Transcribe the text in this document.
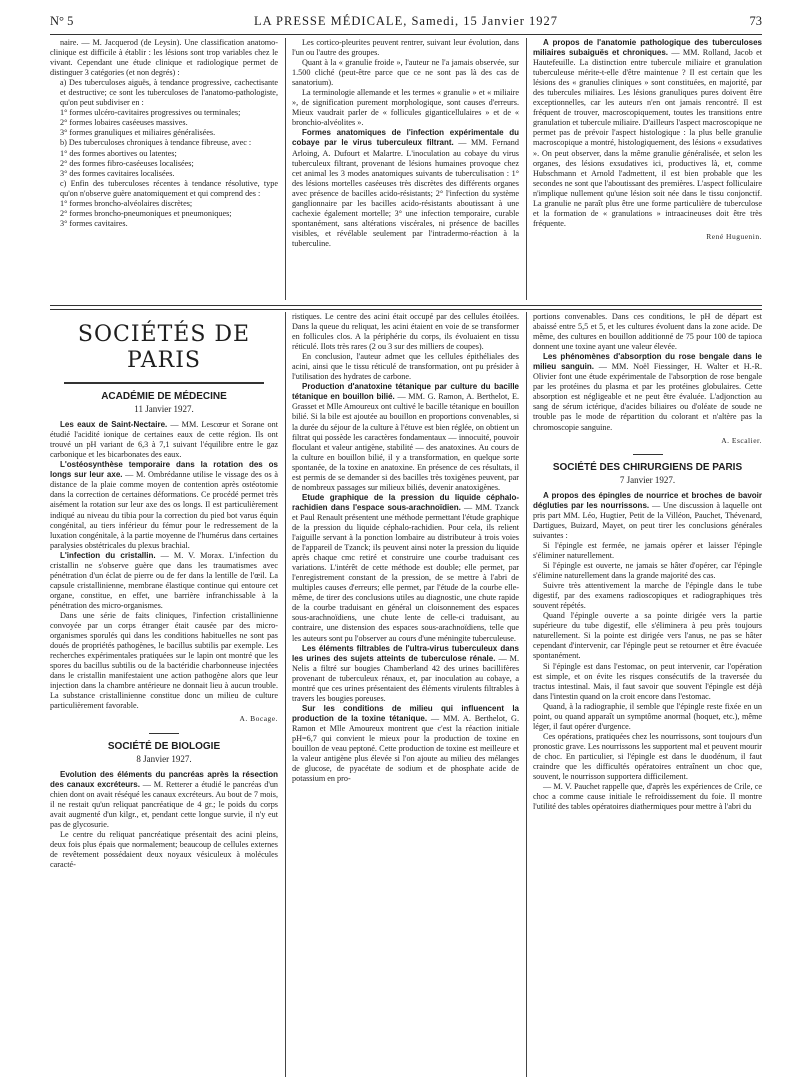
LA PRESSE MÉDICALE, Samedi, 15 Janvier 1927
N° 5	73

naire. — M. Jacquerod (de Leysin). Une classification anatomo-clinique est difficile à établir : les lésions sont trop variables chez le vivant. Cependant une étude clinique et radiologique permet de distinguer 3 catégories (et non degrés) :

a) Des tuberculoses aiguës, à tendance progressive, cachectisante et destructive; ce sont les tuberculoses de l'anatomo-pathologiste, qu'on peut subdiviser en :

1° formes ulcéro-cavitaires progressives ou terminales;

2° formes lobaires caséeuses massives.

3° formes granuliques et miliaires généralisées.

b) Des tuberculoses chroniques à tendance fibreuse, avec :

1° des formes abortives ou latentes;

2° des formes fibro-caséeuses localisées;

3° des formes cavitaires localisées.

c) Enfin des tuberculoses récentes à tendance résolutive, type qu'on n'observe guère anatomiquement et qui comprend des :

1° formes broncho-alvéolaires discrètes;

2° formes broncho-pneumoniques et pneumoniques;

3° formes cavitaires.

Les cortico-pleurites peuvent rentrer, suivant leur évolution, dans l'un ou l'autre des groupes.

Quant à la « granulie froide », l'auteur ne l'a jamais observée, sur 1.500 cliché (peut-être parce que ce ne sont pas là des cas de sanatorium).

La terminologie allemande et les termes « granulie » et « miliaire », de signification purement morphologique, sont causes d'erreurs. Mieux vaudrait parler de « follicules giganticellulaires » et de « bronchio-alvéolites ».

Formes anatomiques de l'infection expérimentale du cobaye par le virus tuberculeux filtrant. — MM. Fernand Arloing, A. Dufourt et Malartre. L'inoculation au cobaye du virus tuberculeux filtrant, provenant de lésions humaines provoque chez cet animal les 3 modes anatomiques suivants de tuberculisation : 1° des lésions mortelles caséeuses très discrètes des différents organes avec présence de bacilles acido-résistants; 2° l'infection du système ganglionnaire par les bacilles acido-résistants aboutissant à une cachexie également mortelle; 3° une infection temporaire, curable spontanément, sans altérations viscérales, ni présence de bacilles visibles, et révélable seulement par l'intradermo-réaction à la tuberculine.

A propos de l'anatomie pathologique des tuberculoses miliaires subaiguës et chroniques. — MM. Rolland, Jacob et Hautefeuille. La distinction entre tubercule miliaire et granulation tuberculeuse mérite-t-elle d'être maintenue ? Il est certain que les lésions des « granulies cliniques » sont constituées, en majorité, par des tubercules miliaires. Les lésions granuliques pures doivent être exceptionnelles, car les auteurs n'en ont jamais rencontré. Il est fréquent de trouver, macroscopiquement, toutes les transitions entre granulation et tubercule miliaire. D'ailleurs l'aspect macroscopique ne permet pas de prévoir l'aspect histologique : la plus belle granulie macroscopique a montré, histologiquement, des lésions « exsudatives ». On peut observer, dans la même granulie généralisée, et selon les organes, des lésions exsudatives ici, productives là, et, comme Hubschmann et Arnold l'admettent, il est bien probable que les secondes ne sont que l'aboutissant des premières. L'aspect folliculaire n'implique nullement qu'une lésion soit née dans le tissu conjonctif. La granulie ne paraît plus être une forme particulière de tuberculose et la formation de « granulations » intraacineuses doit être très fréquente.

René Huguenin.
SOCIÉTÉS DE PARIS
ACADÉMIE DE MÉDECINE
11 Janvier 1927.

Les eaux de Saint-Nectaire. — MM. Lescœur et Sorane ont étudié l'acidité ionique de certaines eaux de cette région. Ils ont trouvé un pH variant de 6,3 à 7,1 suivant l'équilibre entre le gaz carbonique et les bicarbonates des eaux.

L'ostéosynthèse temporaire dans la rotation des os longs sur leur axe. — M. Ombrédanne utilise le vissage des os à distance de la plaie comme moyen de contention après ostéotomie dans la correction de certaines déformations. Ce procédé permet très aisément la rotation sur leur axe des os longs. Il est particulièrement indiqué au niveau du tibia pour la correction du pied bot varus équin congénital, au tiers inférieur du fémur pour le redressement de la luxation congénitale, à la partie moyenne de l'humérus dans certaines paralysies obstétricales du plexus brachial.

L'infection du cristallin. — M. V. Morax. L'infection du cristallin ne s'observe guère que dans les traumatismes avec pénétration d'un éclat de pierre ou de fer dans la lentille de l'œil. La capsule cristallinienne, membrane élastique continue qui entoure cet organe, constitue, en effet, une barrière infranchissable à la pénétration des micro-organismes.

Dans une série de faits cliniques, l'infection cristallinienne convoyée par un corps étranger était causée par des micro-organismes sporulés qui dans les conditions habituelles ne sont pas doués de propriétés pathogènes, le bacillus subtilis par exemple. Les recherches expérimentales pratiquées sur le lapin ont montré que les spores du bacillus subtilis ou de la bactéridie charbonneuse injectées dans le cristallin manifestaient une action pathogène alors que leur injection dans la chambre antérieure ne donnait lieu à aucun trouble. La substance cristallinienne constitue donc un milieu de culture particulièrement favorable.

A. Bocage.
SOCIÉTÉ DE BIOLOGIE
8 Janvier 1927.

Evolution des éléments du pancréas après la résection des canaux excréteurs. — M. Retterer a étudié le pancréas d'un chien dont on avait réséqué les canaux excréteurs. Au bout de 7 mois, il ne restait qu'un reliquat pancréatique de 4 gr.; le poids du corps avait augmenté d'un kilgr., et, pendant cette longue survie, il n'y eut pas de glycosurie.

Le centre du reliquat pancréatique présentait des acini pleins, deux fois plus épais que normalement; beaucoup de cellules externes de revêtement possédaient deux noyaux vésiculeux à molécules caracté-

ristiques. Le centre des acini était occupé par des cellules étoilées. Dans la queue du reliquat, les acini étaient en voie de se transformer en follicules clos. A la périphérie du corps, ils évoluaient en tissu réticulé. Ilots très rares (2 ou 3 sur des milliers de coupes).

En conclusion, l'auteur admet que les cellules épithéliales des acini, ainsi que le tissu réticulé de transformation, ont pu présider à l'utilisation des hydrates de carbone.

Production d'anatoxine tétanique par culture du bacille tétanique en bouillon bilié. — MM. G. Ramon, A. Berthelot, E. Grasset et Mlle Amoureux ont cultivé le bacille tétanique en bouillon bilié. Si la bile est ajoutée au bouillon en proportions convenables, si la durée du séjour de la culture à l'étuve est bien réglée, on obtient un filtrat qui possède les caractères fondamentaux — innocuité, pouvoir floculant et valeur antigène, stabilité — des anatoxines. Au cours de la culture en bouillon bilié, il y a transformation, en quelque sorte spontanée, de la toxine en anatoxine. En présence de ces résultats, il est permis de se demander si des bacilles très toxigènes peuvent, par de nombreux passages sur milieux biliés, devenir anatoxigènes.

Etude graphique de la pression du liquide céphalo-rachidien dans l'espace sous-arachnoïdien. — MM. Tzanck et Paul Renault présentent une méthode permettant l'étude graphique de la pression du liquide céphalo-rachidien. Pour cela, ils relient l'aiguille servant à la ponction lombaire au distributeur à trois voies de l'appareil de Tzanck; ils peuvent ainsi noter la pression du liquide après chaque cmc retiré et construire une courbe traduisant ces variations. L'intérêt de cette méthode est double; elle permet, par l'enregistrement constant de la pression, de se mettre à l'abri de multiples causes d'erreurs; elle permet, par l'étude de la courbe elle-même, de tirer des conclusions utiles au diagnostic, une chute rapide de la courbe traduisant en général un cloisonnement des espaces sous-arachnoïdiens, une chute lente de celle-ci traduisant, au contraire, une distension des espaces sous-arachnoïdiens, telle que les auteurs sont pu l'observer au cours d'une méningite tuberculeuse.

Les éléments filtrables de l'ultra-virus tuberculeux dans les urines des sujets atteints de tuberculose rénale. — M. Nelis a filtré sur bougies Chamberland 42 des urines bacillifères provenant de tuberculeux rénaux, et, par inoculation au cobaye, a montré que ces urines présentaient des éléments virulents filtrables à travers les bougies poreuses.

Sur les conditions de milieu qui influencent la production de la toxine tétanique. — MM. A. Berthelot, G. Ramon et Mlle Amoureux montrent que c'est la réaction initiale pH=6,7 qui convient le mieux pour la production de toxine en bouillon de veau peptoné. Cette production de toxine est meilleure et la valeur antigène plus élevée si l'on ajoute au milieu des mélanges de glucose, de pyacétate de sodium et de phosphate acide de potassium en pro-

portions convenables. Dans ces conditions, le pH de départ est abaissé entre 5,5 et 5, et les cultures évoluent dans la zone acide. De même, des cultures en bouillon additionné de 75 pour 100 de tapioca donnent une toxine ayant une valeur élevée.

Les phénomènes d'absorption du rose bengale dans le milieu sanguin. — MM. Noël Fiessinger, H. Walter et H.-R. Olivier font une étude expérimentale de l'absorption de rose bengale par les protéines du plasma et par les protéines globulaires. Cette absorption est négligeable et ne peut être évaluée. L'adjonction au sang de sérum ictérique, d'acides biliaires ou d'oléate de soude ne trouble pas le mode de répartition du colorant et n'altère pas la chromoscopie sanguine.

A. Escalier.
SOCIÉTÉ DES CHIRURGIENS DE PARIS
7 Janvier 1927.

A propos des épingles de nourrice et broches de bavoir dégluties par les nourrissons. — Une discussion à laquelle ont pris part MM. Léo, Hugtier, Petit de la Villéon, Pauchet, Thévenard, Dartigues, Buizard, Mayet, on peut tirer les conclusions générales suivantes :

Si l'épingle est fermée, ne jamais opérer et laisser l'épingle s'éliminer naturellement.

Si l'épingle est ouverte, ne jamais se hâter d'opérer, car l'épingle s'élimine naturellement dans la grande majorité des cas.

Suivre très attentivement la marche de l'épingle dans le tube digestif, par des examens radioscopiques et radiographiques très souvent répétés.

Quand l'épingle ouverte a sa pointe dirigée vers la partie supérieure du tube digestif, elle s'éliminera à peu près toujours naturellement. Si la pointe est dirigée vers l'anus, ne pas se hâter cependant d'intervenir, car l'épingle peut se retourner et être évacuée spontanément.

Si l'épingle est dans l'estomac, on peut intervenir, car l'opération est simple, et on évite les risques consécutifs de la traversée du tractus intestinal. Mais, il faut savoir que souvent l'épingle est déjà dans l'intestin quand on la croit encore dans l'estomac.

Quand, à la radiographie, il semble que l'épingle reste fixée en un point, ou quand apparaît un symptôme anormal (hoquet, etc.), même léger, il faut opérer d'urgence.

Ces opérations, pratiquées chez les nourrissons, sont toujours d'un pronostic grave. Les nourrissons les supportent mal et peuvent mourir de choc. En particulier, si l'épingle est dans le duodénum, il faut craindre que les difficultés opératoires entraînent un choc que, souvent, le nourrisson supportera difficilement.

— M. V. Pauchet rappelle que, d'après les expériences de Crile, ce choc a comme cause initiale le refroidissement du foie. Il montre l'utilité des tables opératoires diathermiques pour mettre à l'abri du
